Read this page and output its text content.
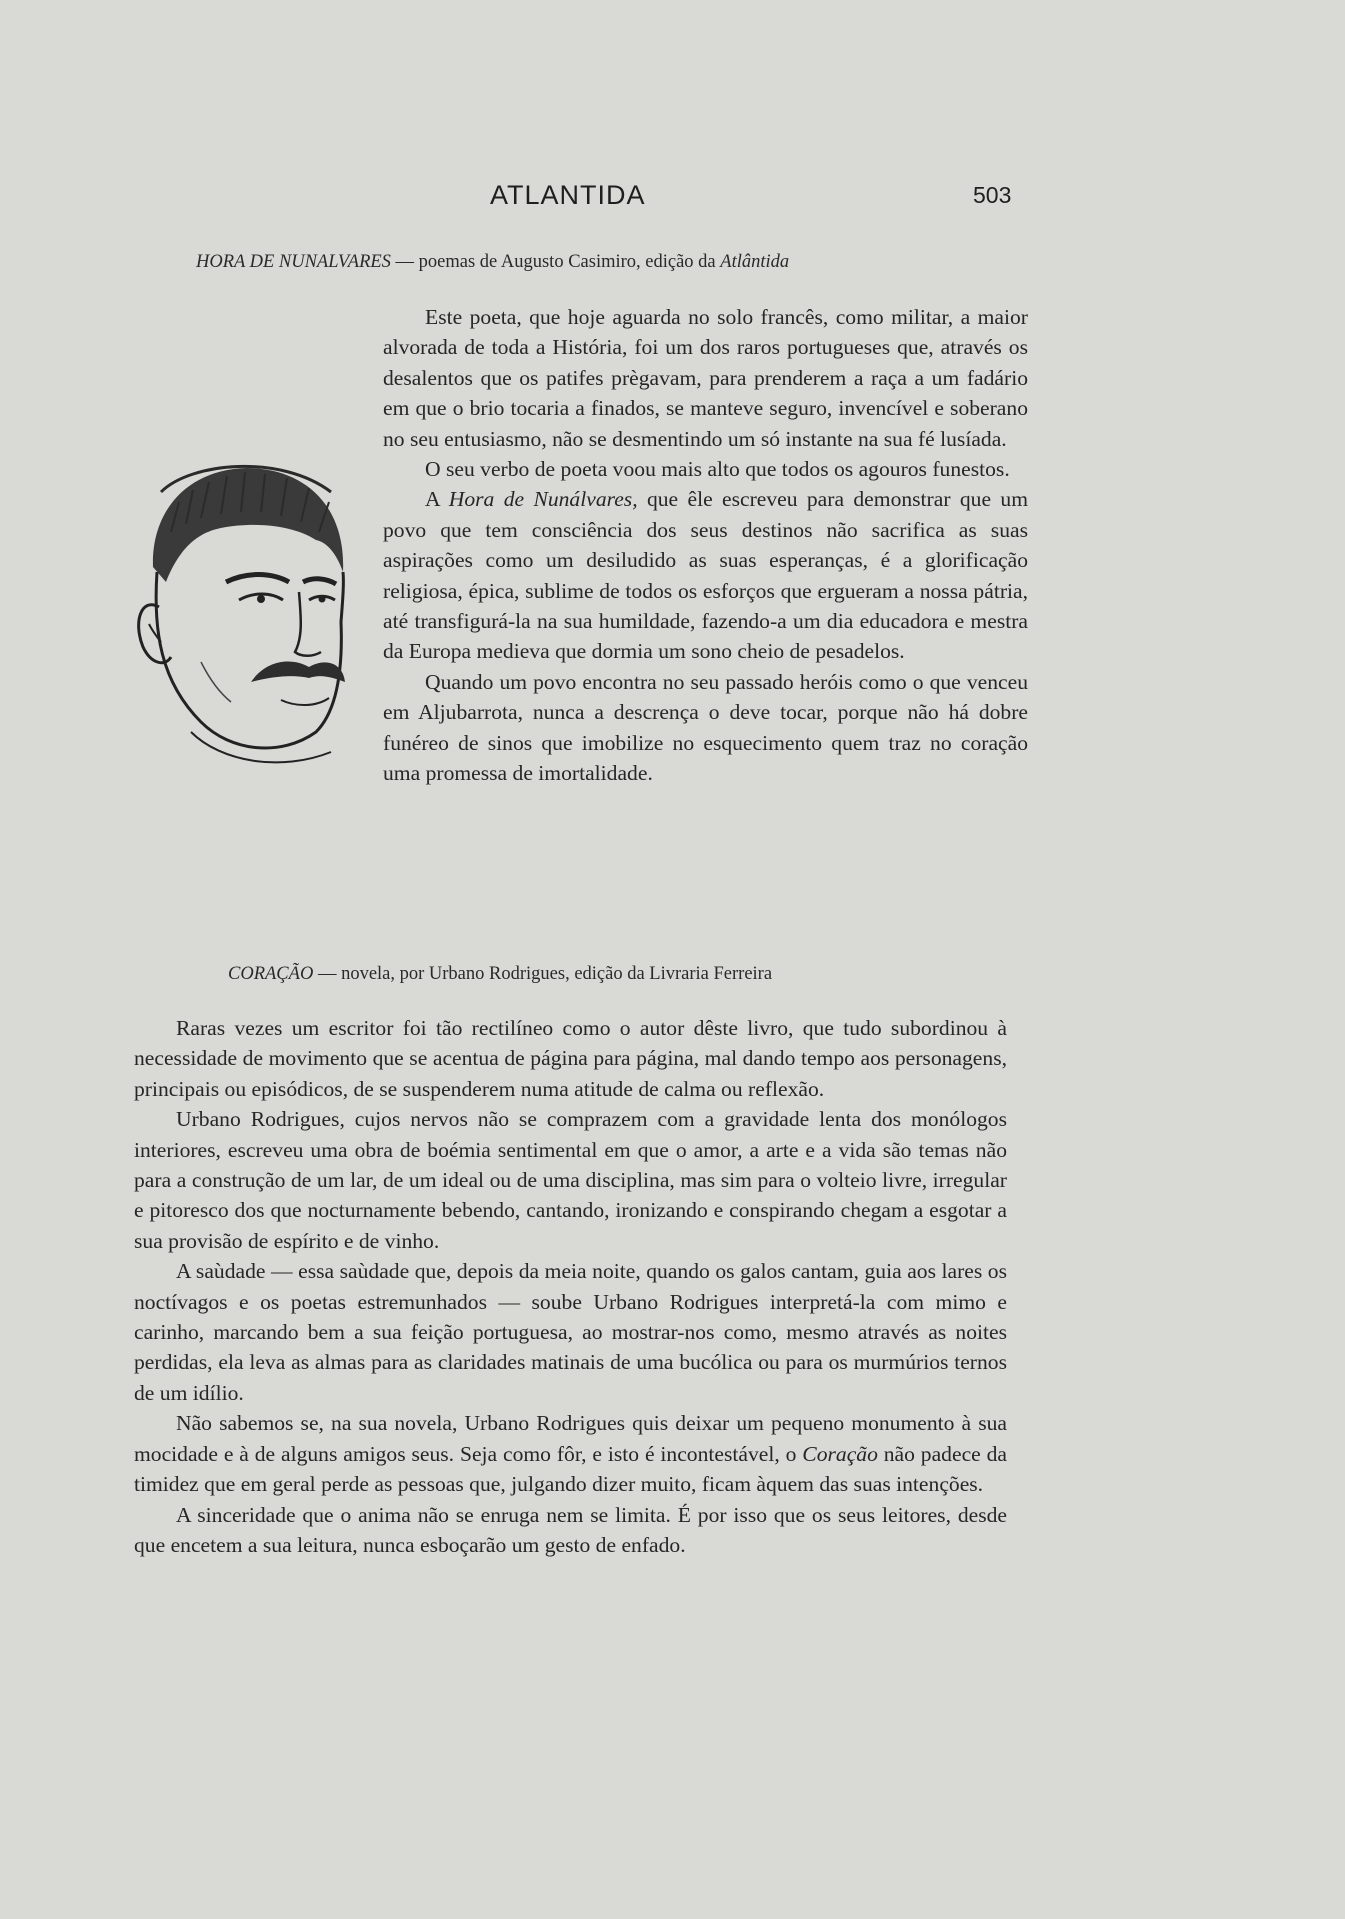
ATLANTIDA	503
HORA DE NUNALVARES — poemas de Augusto Casimiro, edição da Atlântida

Este poeta, que hoje aguarda no solo francês, como militar, a maior alvorada de toda a História, foi um dos raros portugueses que, através os desalentos que os patifes prègavam, para prenderem a raça a um fadário em que o brio tocaria a finados, se manteve seguro, invencível e soberano no seu entusiasmo, não se desmentindo um só instante na sua fé lusíada.

O seu verbo de poeta voou mais alto que todos os agouros funestos.

A Hora de Nunálvares, que êle escreveu para demonstrar que um povo que tem consciência dos seus destinos não sacrifica as suas aspirações como um desiludido as suas esperanças, é a glorificação religiosa, épica, sublime de todos os esforços que ergueram a nossa pátria, até transfigurá-la na sua humildade, fazendo-a um dia educadora e mestra da Europa medieva que dormia um sono cheio de pesadelos.

Quando um povo encontra no seu passado heróis como o que venceu em Aljubarrota, nunca a descrença o deve tocar, porque não há dobre funéreo de sinos que imobilize no esquecimento quem traz no coração uma promessa de imortalidade.

CORAÇÃO — novela, por Urbano Rodrigues, edição da Livraria Ferreira

Raras vezes um escritor foi tão rectilíneo como o autor dêste livro, que tudo subordinou à necessidade de movimento que se acentua de página para página, mal dando tempo aos personagens, principais ou episódicos, de se suspenderem numa atitude de calma ou reflexão.

Urbano Rodrigues, cujos nervos não se comprazem com a gravidade lenta dos monólogos interiores, escreveu uma obra de boémia sentimental em que o amor, a arte e a vida são temas não para a construção de um lar, de um ideal ou de uma disciplina, mas sim para o volteio livre, irregular e pitoresco dos que nocturnamente bebendo, cantando, ironizando e conspirando chegam a esgotar a sua provisão de espírito e de vinho.

A saùdade — essa saùdade que, depois da meia noite, quando os galos cantam, guia aos lares os noctívagos e os poetas estremunhados — soube Urbano Rodrigues interpretá-la com mimo e carinho, marcando bem a sua feição portuguesa, ao mostrar-nos como, mesmo através as noites perdidas, ela leva as almas para as claridades matinais de uma bucólica ou para os murmúrios ternos de um idílio.

Não sabemos se, na sua novela, Urbano Rodrigues quis deixar um pequeno monumento à sua mocidade e à de alguns amigos seus. Seja como fôr, e isto é incontestável, o Coração não padece da timidez que em geral perde as pessoas que, julgando dizer muito, ficam àquem das suas intenções.

A sinceridade que o anima não se enruga nem se limita. É por isso que os seus leitores, desde que encetem a sua leitura, nunca esboçarão um gesto de enfado.
